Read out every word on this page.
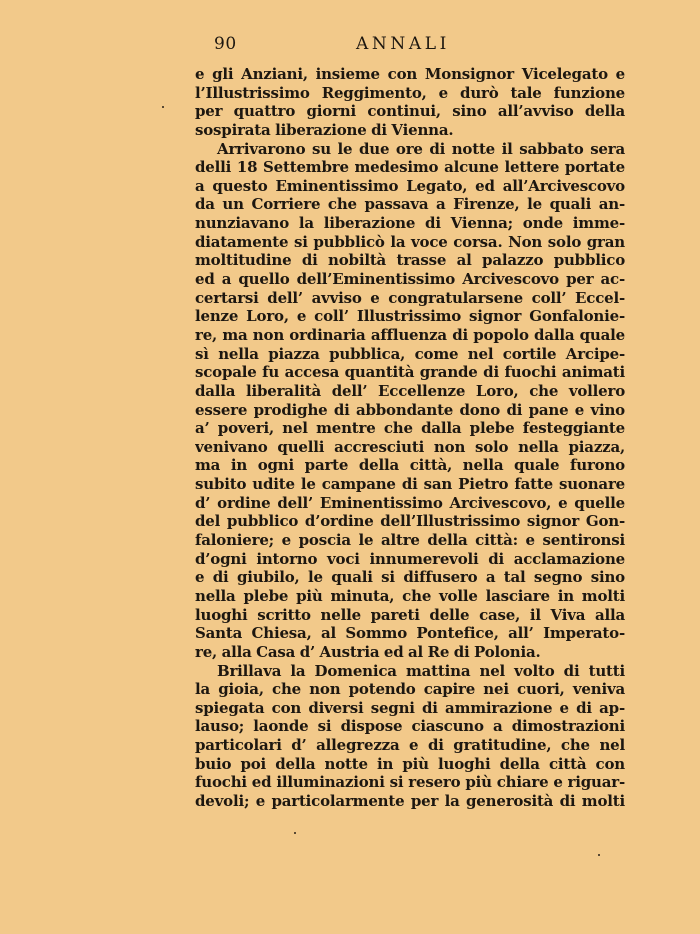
90	ANNALI
e gli Anziani, insieme con Monsignor Vicelegato e
l’Illustrissimo Reggimento, e durò tale funzione
per quattro giorni continui, sino all’avviso della
sospirata liberazione di Vienna.
Arrivarono su le due ore di notte il sabbato sera
delli 18 Settembre medesimo alcune lettere portate
a questo Eminentissimo Legato, ed all’Arcivescovo
da un Corriere che passava a Firenze, le quali an-
nunziavano la liberazione di Vienna; onde imme-
diatamente si pubblicò la voce corsa. Non solo gran
moltitudine di nobiltà trasse al palazzo pubblico
ed a quello dell’Eminentissimo Arcivescovo per ac-
certarsi dell’ avviso e congratularsene coll’ Eccel-
lenze Loro, e coll’ Illustrissimo signor Gonfalonie-
re, ma non ordinaria affluenza di popolo dalla quale
sì nella piazza pubblica, come nel cortile Arcipe-
scopale fu accesa quantità grande di fuochi animati
dalla liberalità dell’ Eccellenze Loro, che vollero
essere prodighe di abbondante dono di pane e vino
a’ poveri, nel mentre che dalla plebe festeggiante
venivano quelli accresciuti non solo nella piazza,
ma in ogni parte della città, nella quale furono
subito udite le campane di san Pietro fatte suonare
d’ ordine dell’ Eminentissimo Arcivescovo, e quelle
del pubblico d’ordine dell’Illustrissimo signor Gon-
faloniere; e poscia le altre della città: e sentironsi
d’ogni intorno voci innumerevoli di acclamazione
e di giubilo, le quali si diffusero a tal segno sino
nella plebe più minuta, che volle lasciare in molti
luoghi scritto nelle pareti delle case, il Viva alla
Santa Chiesa, al Sommo Pontefice, all’ Imperato-
re, alla Casa d’ Austria ed al Re di Polonia.
Brillava la Domenica mattina nel volto di tutti
la gioia, che non potendo capire nei cuori, veniva
spiegata con diversi segni di ammirazione e di ap-
lauso; laonde si dispose ciascuno a dimostrazioni
particolari d’ allegrezza e di gratitudine, che nel
buio poi della notte in più luoghi della città con
fuochi ed illuminazioni si resero più chiare e riguar-
devoli; e particolarmente per la generosità di molti
